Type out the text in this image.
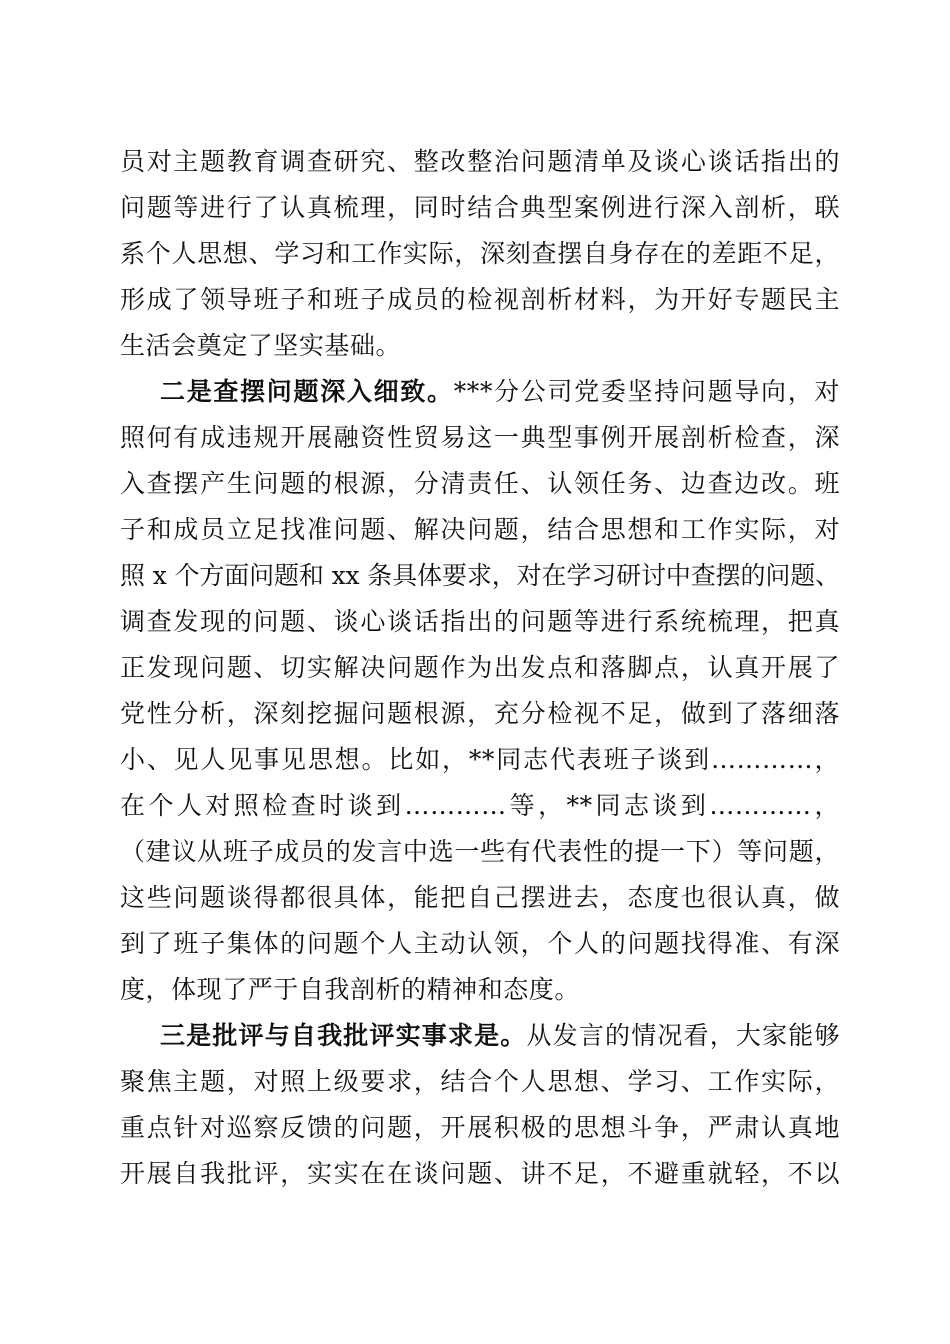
员对主题教育调查研究、整改整治问题清单及谈心谈话指出的
问题等进行了认真梳理，同时结合典型案例进行深入剖析，联
系个人思想、学习和工作实际，深刻查摆自身存在的差距不足，
形成了领导班子和班子成员的检视剖析材料，为开好专题民主
生活会奠定了坚实基础。
二是查摆问题深入细致。***分公司党委坚持问题导向，对
照何有成违规开展融资性贸易这一典型事例开展剖析检查，深
入查摆产生问题的根源，分清责任、认领任务、边查边改。班
子和成员立足找准问题、解决问题，结合思想和工作实际，对
照 x 个方面问题和 xx 条具体要求，对在学习研讨中查摆的问题、
调查发现的问题、谈心谈话指出的问题等进行系统梳理，把真
正发现问题、切实解决问题作为出发点和落脚点，认真开展了
党性分析，深刻挖掘问题根源，充分检视不足，做到了落细落
小、见人见事见思想。比如，**同志代表班子谈到…………，
在个人对照检查时谈到…………等，**同志谈到…………，
（建议从班子成员的发言中选一些有代表性的提一下）等问题，
这些问题谈得都很具体，能把自己摆进去，态度也很认真，做
到了班子集体的问题个人主动认领，个人的问题找得准、有深
度，体现了严于自我剖析的精神和态度。
三是批评与自我批评实事求是。从发言的情况看，大家能够
聚焦主题，对照上级要求，结合个人思想、学习、工作实际，
重点针对巡察反馈的问题，开展积极的思想斗争，严肃认真地
开展自我批评，实实在在谈问题、讲不足，不避重就轻，不以
